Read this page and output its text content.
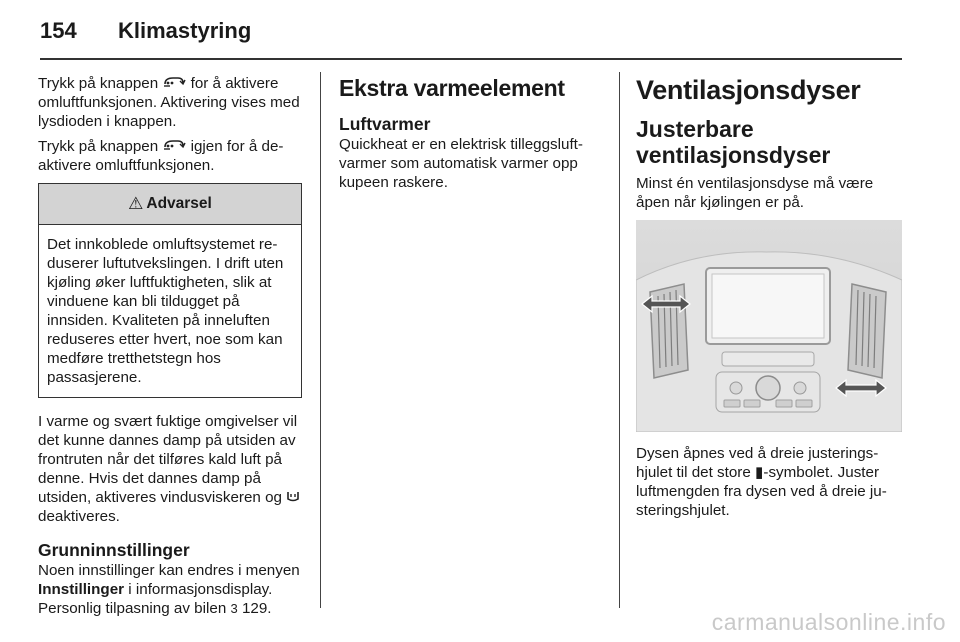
154 Klimastyring

Trykk på knappen  for å aktivere omluftfunksjonen. Aktivering vises med lysdioden i knappen.

Trykk på knappen  igjen for å deaktivere omluftfunksjonen.

⚠ Advarsel
Det innkoblede omluftsystemet reduserer luftutvekslingen. I drift uten kjøling øker luftfuktigheten, slik at vinduene kan bli tildugget på innsiden. Kvaliteten på inneluften reduseres etter hvert, noe som kan medføre tretthetstegn hos passasjerene.

I varme og svært fuktige omgivelser vil det kunne dannes damp på utsiden av frontruten når det tilføres kald luft på denne. Hvis det dannes damp på utsiden, aktiveres vindusviskeren og  deaktiveres.

Grunninnstillinger

Noen innstillinger kan endres i menyen Innstillinger i informasjonsdisplay. Personlig tilpasning av bilen 3 129.

Ekstra varmeelement
Luftvarmer

Quickheat er en elektrisk tilleggsluftvarmer som automatisk varmer opp kupeen raskere.

Ventilasjonsdyser
Justerbare ventilasjonsdyser

Minst én ventilasjonsdyse må være åpen når kjølingen er på.

Dysen åpnes ved å dreie justeringshjulet til det store ▮-symbolet. Juster luftmengden fra dysen ved å dreie justeringshjulet.

carmanualsonline.info
